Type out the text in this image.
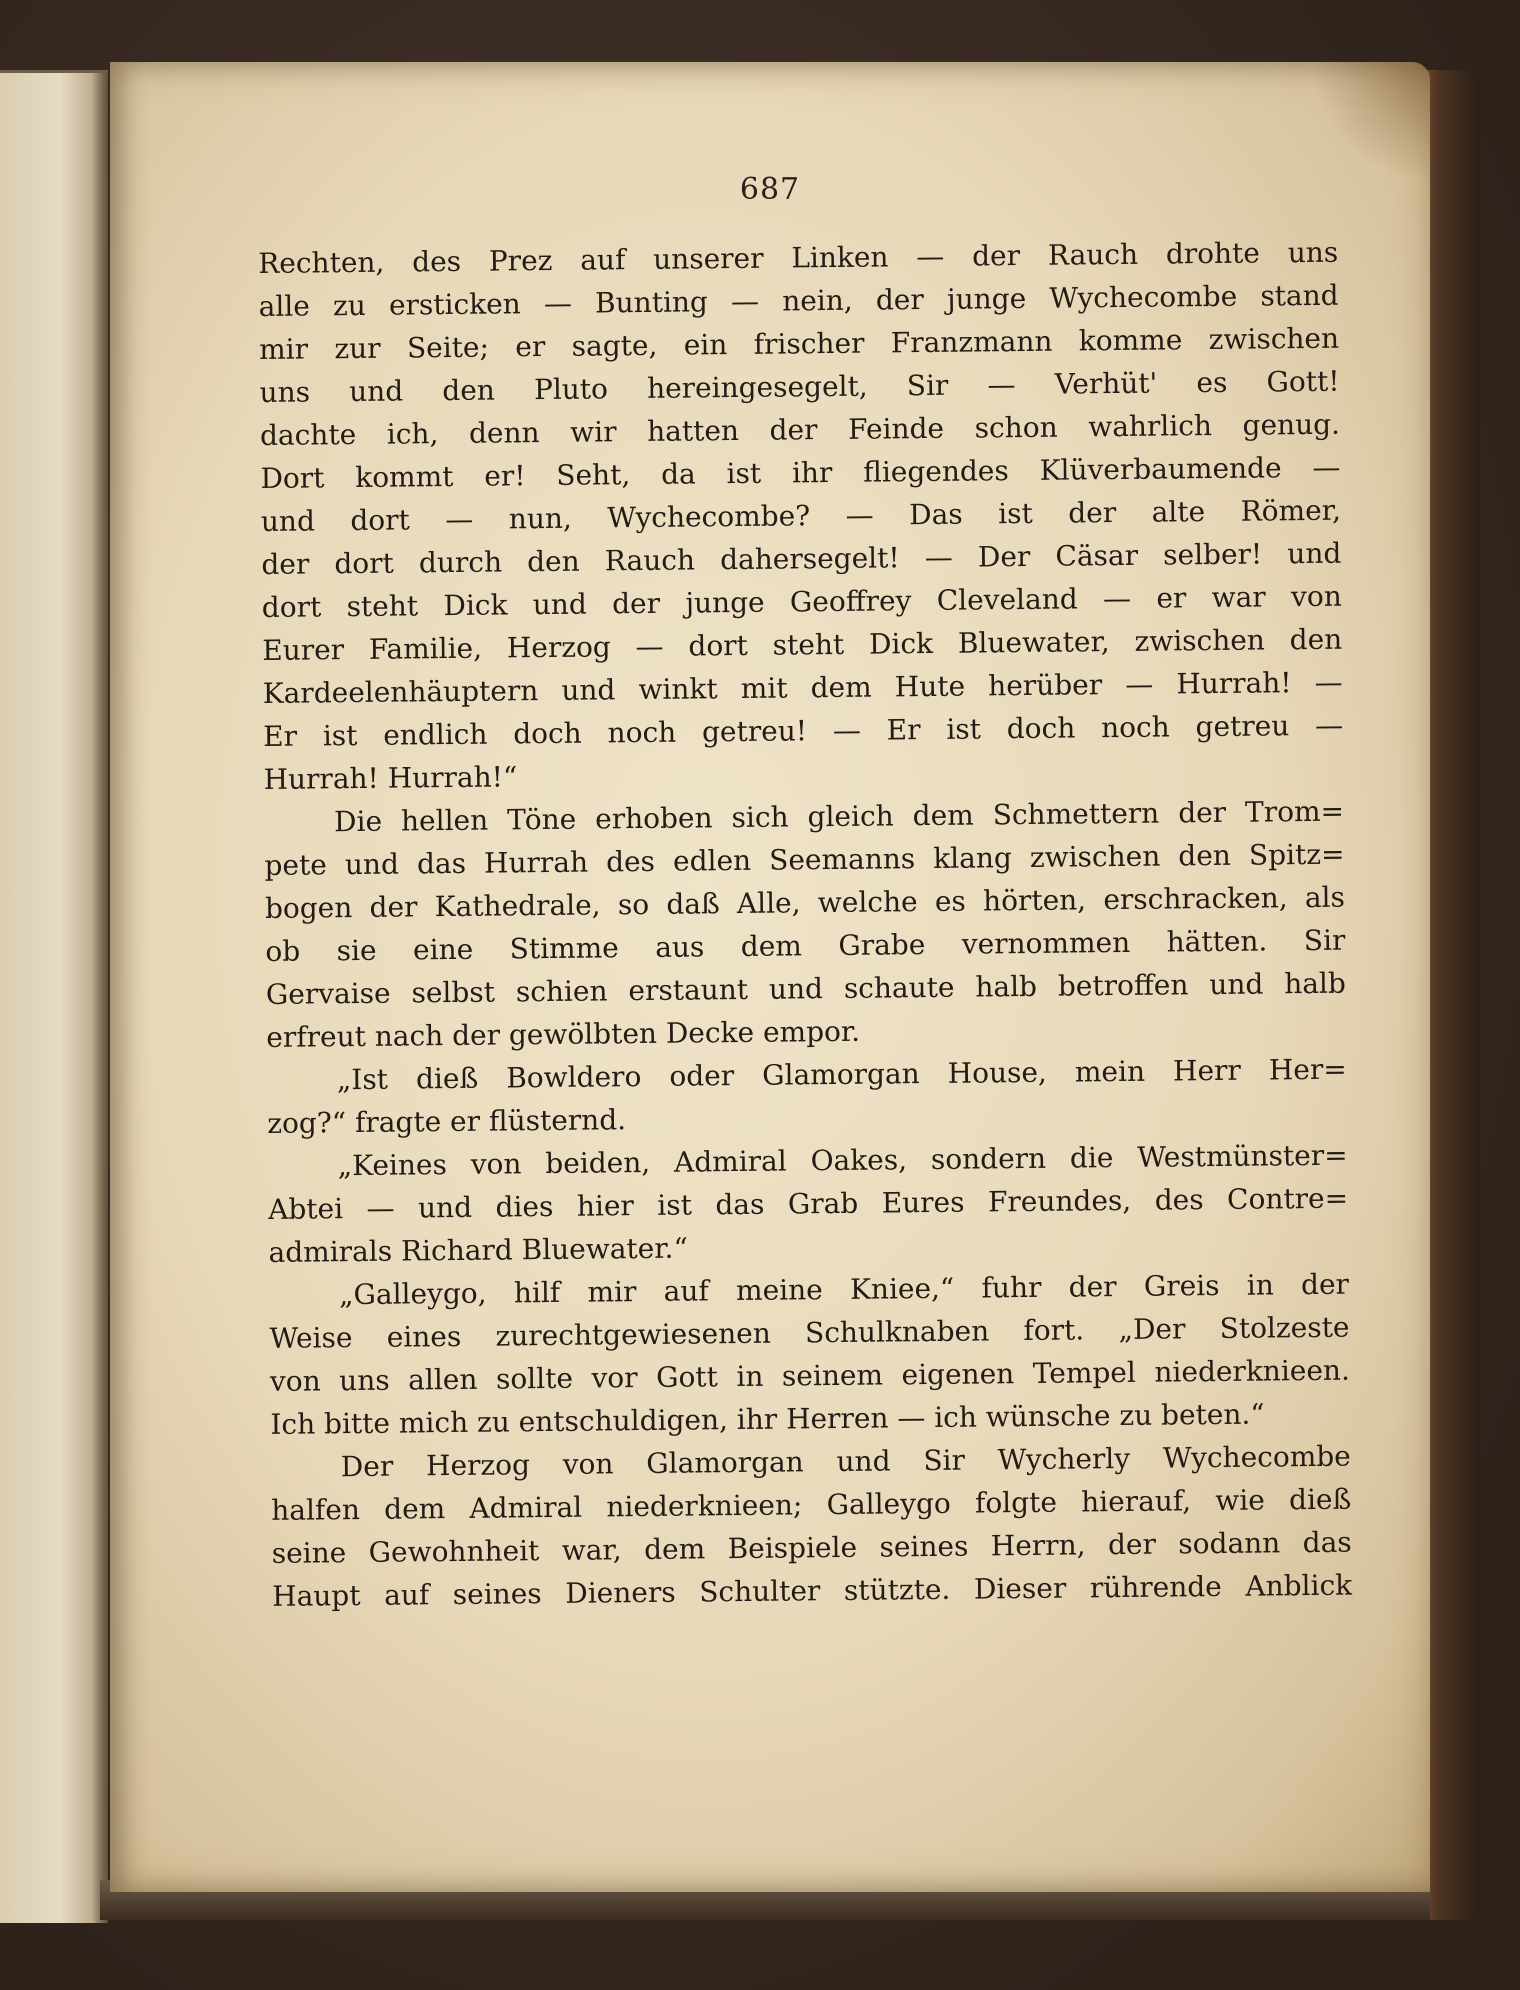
687
Rechten, des Prez auf unserer Linken — der Rauch drohte uns
alle zu ersticken — Bunting — nein, der junge Wychecombe stand
mir zur Seite; er sagte, ein frischer Franzmann komme zwischen
uns und den Pluto hereingesegelt, Sir — Verhüt' es Gott!
dachte ich, denn wir hatten der Feinde schon wahrlich genug.
Dort kommt er! Seht, da ist ihr fliegendes Klüverbaumende —
und dort — nun, Wychecombe? — Das ist der alte Römer,
der dort durch den Rauch dahersegelt! — Der Cäsar selber! und
dort steht Dick und der junge Geoffrey Cleveland — er war von
Eurer Familie, Herzog — dort steht Dick Bluewater, zwischen den
Kardeelenhäuptern und winkt mit dem Hute herüber — Hurrah! —
Er ist endlich doch noch getreu! — Er ist doch noch getreu —
Hurrah! Hurrah!“
Die hellen Töne erhoben sich gleich dem Schmettern der Trom=
pete und das Hurrah des edlen Seemanns klang zwischen den Spitz=
bogen der Kathedrale, so daß Alle, welche es hörten, erschracken, als
ob sie eine Stimme aus dem Grabe vernommen hätten. Sir
Gervaise selbst schien erstaunt und schaute halb betroffen und halb
erfreut nach der gewölbten Decke empor.
„Ist dieß Bowldero oder Glamorgan House, mein Herr Her=
zog?“ fragte er flüsternd.
„Keines von beiden, Admiral Oakes, sondern die Westmünster=
Abtei — und dies hier ist das Grab Eures Freundes, des Contre=
admirals Richard Bluewater.“
„Galleygo, hilf mir auf meine Kniee,“ fuhr der Greis in der
Weise eines zurechtgewiesenen Schulknaben fort. „Der Stolzeste
von uns allen sollte vor Gott in seinem eigenen Tempel niederknieen.
Ich bitte mich zu entschuldigen, ihr Herren — ich wünsche zu beten.“
Der Herzog von Glamorgan und Sir Wycherly Wychecombe
halfen dem Admiral niederknieen; Galleygo folgte hierauf, wie dieß
seine Gewohnheit war, dem Beispiele seines Herrn, der sodann das
Haupt auf seines Dieners Schulter stützte. Dieser rührende Anblick
